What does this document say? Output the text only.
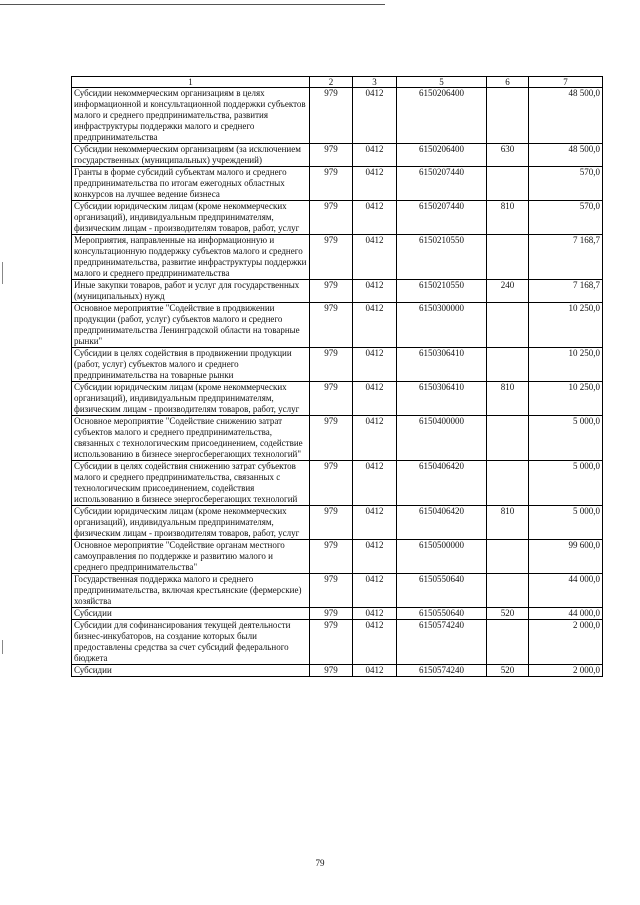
1	2	3	5	6	7
Субсидии некоммерческим организациям в целях информационной и консультационной поддержки субъектов малого и среднего предпринимательства, развития инфраструктуры поддержки малого и среднего предпринимательства	979	0412	6150206400		48 500,0
Субсидии некоммерческим организациям (за исключением государственных (муниципальных) учреждений)	979	0412	6150206400	630	48 500,0
Гранты в форме субсидий субъектам малого и среднего предпринимательства по итогам ежегодных областных конкурсов на лучшее ведение бизнеса	979	0412	6150207440		570,0
Субсидии юридическим лицам (кроме некоммерческих организаций), индивидуальным предпринимателям, физическим лицам - производителям товаров, работ, услуг	979	0412	6150207440	810	570,0
Мероприятия, направленные на информационную и консультационную поддержку субъектов малого и среднего предпринимательства, развитие инфраструктуры поддержки малого и среднего предпринимательства	979	0412	6150210550		7 168,7
Иные закупки товаров, работ и услуг для государственных (муниципальных) нужд	979	0412	6150210550	240	7 168,7
Основное мероприятие "Содействие в продвижении продукции (работ, услуг) субъектов малого и среднего предпринимательства Ленинградской области на товарные рынки"	979	0412	6150300000		10 250,0
Субсидии в целях содействия в продвижении продукции (работ, услуг) субъектов малого и среднего предпринимательства на товарные рынки	979	0412	6150306410		10 250,0
Субсидии юридическим лицам (кроме некоммерческих организаций), индивидуальным предпринимателям, физическим лицам - производителям товаров, работ, услуг	979	0412	6150306410	810	10 250,0
Основное мероприятие "Содействие снижению затрат субъектов малого и среднего предпринимательства, связанных с технологическим присоединением, содействие использованию в бизнесе энергосберегающих технологий"	979	0412	6150400000		5 000,0
Субсидии в целях содействия снижению затрат субъектов малого и среднего предпринимательства, связанных с технологическим присоединением, содействия использованию в бизнесе энергосберегающих технологий	979	0412	6150406420		5 000,0
Субсидии юридическим лицам (кроме некоммерческих организаций), индивидуальным предпринимателям, физическим лицам - производителям товаров, работ, услуг	979	0412	6150406420	810	5 000,0
Основное мероприятие "Содействие органам местного самоуправления по поддержке и развитию малого и среднего предпринимательства"	979	0412	6150500000		99 600,0
Государственная поддержка малого и среднего предпринимательства, включая крестьянские (фермерские) хозяйства	979	0412	6150550640		44 000,0
Субсидии	979	0412	6150550640	520	44 000,0
Субсидии для софинансирования текущей деятельности бизнес-инкубаторов, на создание которых были предоставлены средства за счет субсидий федерального бюджета	979	0412	6150574240		2 000,0
Субсидии	979	0412	6150574240	520	2 000,0
79
